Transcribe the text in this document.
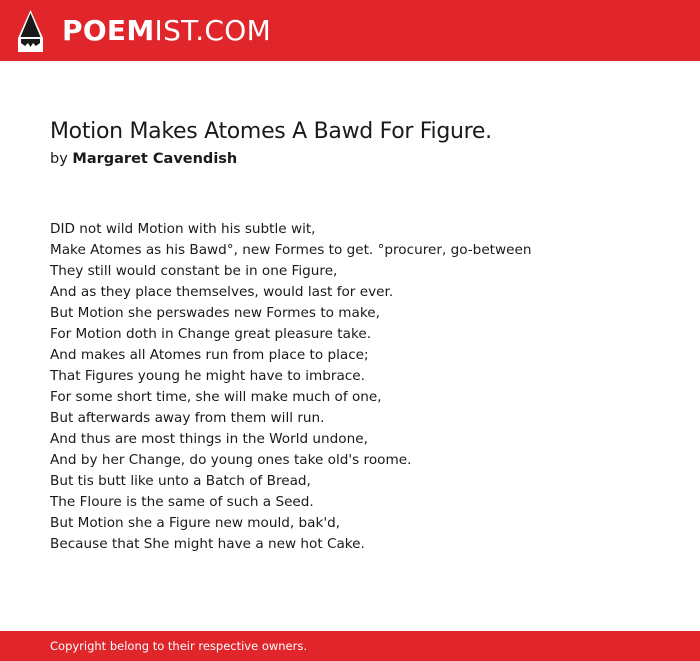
POEMIST.COM
Motion Makes Atomes A Bawd For Figure.
by Margaret Cavendish
DID not wild Motion with his subtle wit,
Make Atomes as his Bawd°, new Formes to get. °procurer, go-between
They still would constant be in one Figure,
And as they place themselves, would last for ever.
But Motion she perswades new Formes to make,
For Motion doth in Change great pleasure take.
And makes all Atomes run from place to place;
That Figures young he might have to imbrace.
For some short time, she will make much of one,
But afterwards away from them will run.
And thus are most things in the World undone,
And by her Change, do young ones take old's roome.
But tis butt like unto a Batch of Bread,
The Floure is the same of such a Seed.
But Motion she a Figure new mould, bak'd,
Because that She might have a new hot Cake.
Copyright belong to their respective owners.
